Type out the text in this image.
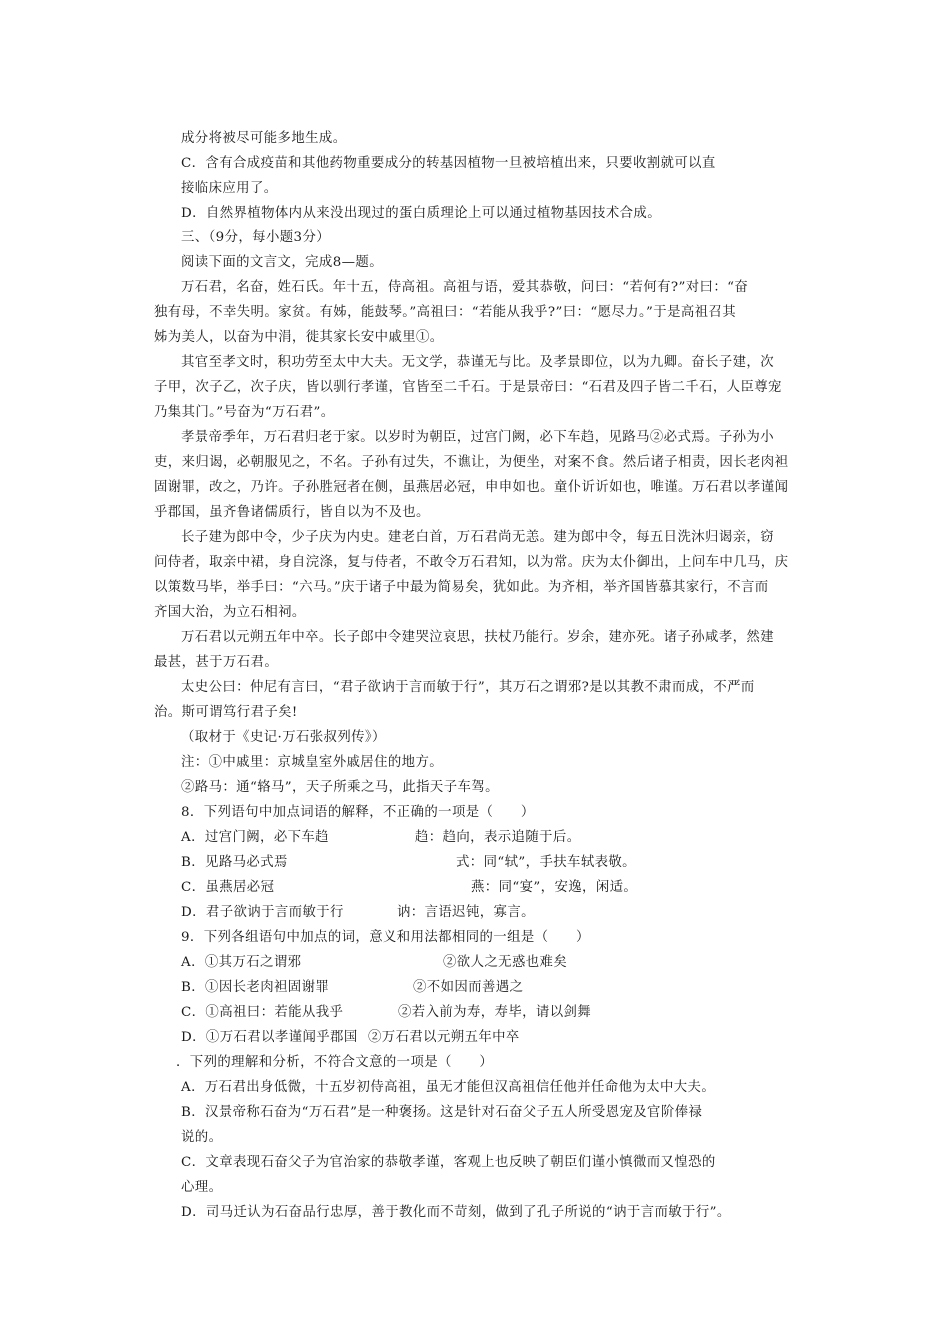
成分将被尽可能多地生成。
C．含有合成疫苗和其他药物重要成分的转基因植物一旦被培植出来，只要收割就可以直
接临床应用了。
D．自然界植物体内从来没出现过的蛋白质理论上可以通过植物基因技术合成。
三、（9分，每小题3分）
阅读下面的文言文，完成8—题。
万石君，名奋，姓石氏。年十五，侍高祖。高祖与语，爱其恭敬，问曰：“若何有?”对曰：“奋
独有母，不幸失明。家贫。有姊，能鼓琴。”高祖曰：“若能从我乎?”曰：“愿尽力。”于是高祖召其
姊为美人，以奋为中涓，徙其家长安中戚里①。
其官至孝文时，积功劳至太中大夫。无文学，恭谨无与比。及孝景即位，以为九卿。奋长子建，次
子甲，次子乙，次子庆，皆以驯行孝谨，官皆至二千石。于是景帝曰：“石君及四子皆二千石，人臣尊宠
乃集其门。”号奋为“万石君”。
孝景帝季年，万石君归老于家。以岁时为朝臣，过宫门阙，必下车趋，见路马②必式焉。子孙为小
吏，来归谒，必朝服见之，不名。子孙有过失，不谯让，为便坐，对案不食。然后诸子相责，因长老肉袒
固谢罪，改之，乃许。子孙胜冠者在侧，虽燕居必冠，申申如也。童仆䜣䜣如也，唯谨。万石君以孝谨闻
乎郡国，虽齐鲁诸儒质行，皆自以为不及也。
长子建为郎中令，少子庆为内史。建老白首，万石君尚无恙。建为郎中令，每五日洗沐归谒亲，窃
问侍者，取亲中裙，身自浣涤，复与侍者，不敢令万石君知，以为常。庆为太仆御出，上问车中几马，庆
以策数马毕，举手曰：“六马。”庆于诸子中最为简易矣，犹如此。为齐相，举齐国皆慕其家行，不言而
齐国大治，为立石相祠。
万石君以元朔五年中卒。长子郎中令建哭泣哀思，扶杖乃能行。岁余，建亦死。诸子孙咸孝，然建
最甚，甚于万石君。
太史公曰：仲尼有言曰，“君子欲讷于言而敏于行”，其万石之谓邪?是以其教不肃而成，不严而
治。斯可谓笃行君子矣!
（取材于《史记·万石张叔列传》）
注：①中戚里：京城皇室外戚居住的地方。
②路马：通“辂马”，天子所乘之马，此指天子车驾。
8．下列语句中加点词语的解释，不正确的一项是（　　）
A．过宫门阙，必下车趋	趋：趋向，表示追随于后。
B．见路马必式焉	式：同“轼”，手扶车轼表敬。
C．虽燕居必冠	燕：同“宴”，安逸，闲适。
D．君子欲讷于言而敏于行	讷：言语迟钝，寡言。
9．下列各组语句中加点的词，意义和用法都相同的一组是（　　）
A．①其万石之谓邪	②欲人之无惑也难矣
B．①因长老肉袒固谢罪	②不如因而善遇之
C．①高祖曰：若能从我乎	②若入前为寿，寿毕，请以剑舞
D．①万石君以孝谨闻乎郡国 ②万石君以元朔五年中卒
．下列的理解和分析，不符合文意的一项是（　　）
A．万石君出身低微，十五岁初侍高祖，虽无才能但汉高祖信任他并任命他为太中大夫。
B．汉景帝称石奋为“万石君”是一种褒扬。这是针对石奋父子五人所受恩宠及官阶俸禄
说的。
C．文章表现石奋父子为官治家的恭敬孝谨，客观上也反映了朝臣们谨小慎微而又惶恐的
心理。
D．司马迁认为石奋品行忠厚，善于教化而不苛刻，做到了孔子所说的“讷于言而敏于行”。
